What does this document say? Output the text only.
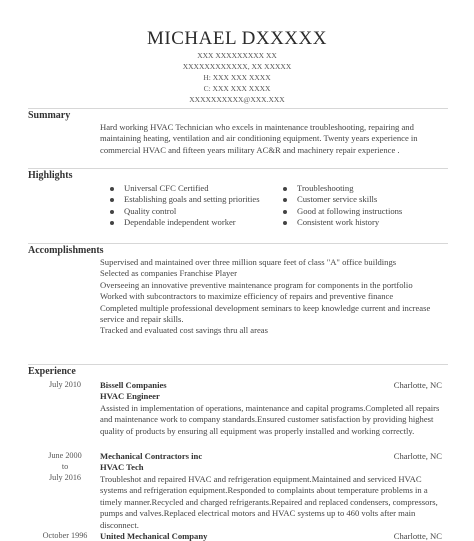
MICHAEL DXXXXX
XXX XXXXXXXXX XX
XXXXXXXXXXXX, XX XXXXX
H: XXX XXX XXXX
C: XXX XXX XXXX
XXXXXXXXXX@XXX.XXX
Summary
Hard working HVAC Technician who excels in maintenance troubleshooting, repairing and maintaining heating, ventilation and air conditioning equipment. Twenty years experience in commercial HVAC and fifteen years military AC&R and machinery repair experience .
Highlights
Universal CFC Certified
Establishing goals and setting priorities
Quality control
Dependable independent worker
Troubleshooting
Customer service skills
Good at following instructions
Consistent work history
Accomplishments
Supervised and maintained over three million square feet of class "A" office buildings
Selected as companies Franchise Player
Overseeing an innovative preventive maintenance program for components in the portfolio
Worked with subcontractors to maximize efficiency of repairs and preventive finance
Completed multiple professional development seminars to keep knowledge current and increase service and repair skills.
Tracked and evaluated cost savings thru all areas
Experience
July 2010	Bissell Companies	Charlotte, NC
HVAC Engineer
Assisted in implementation of operations, maintenance and capital programs.Completed all repairs and maintenance work to company standards.Ensured customer satisfaction by providing highest quality of products by ensuring all equipment was properly installed and working correctly.
June 2000
to
July 2016
Mechanical Contractors inc	Charlotte, NC
HVAC Tech
Troubleshot and repaired HVAC and refrigeration equipment.Maintained and serviced HVAC systems and refrigeration equipment.Responded to complaints about temperature problems in a timely manner.Recycled and charged refrigerants.Repaired and replaced condensers, compressors, pumps and valves.Replaced electrical motors and HVAC systems up to 460 volts after main disconnect.
October 1996	United Mechanical Company	Charlotte, NC
